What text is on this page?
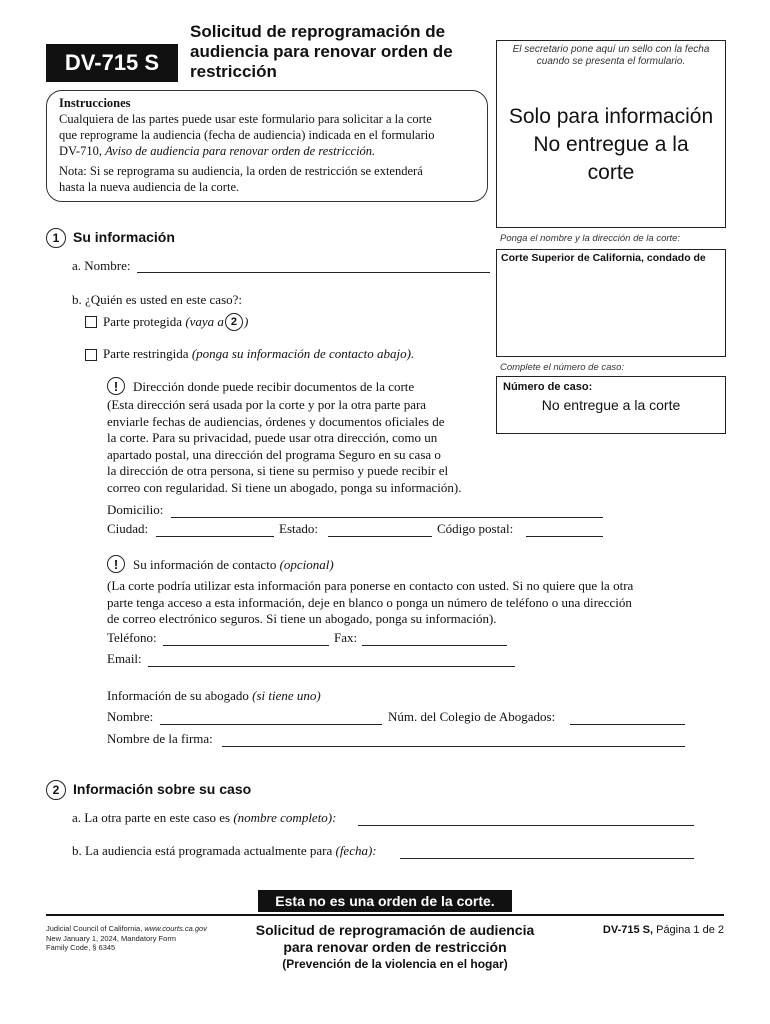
DV-715 S
Solicitud de reprogramación de
audiencia para renovar orden de
restricción
El secretario pone aquí un sello con la fecha
cuando se presenta el formulario.
Solo para información
No entregue a la
corte
Instrucciones

Cualquiera de las partes puede usar este formulario para solicitar a la corte
que reprograme la audiencia (fecha de audiencia) indicada en el formulario
DV-710, Aviso de audiencia para renovar orden de restricción.

Nota: Si se reprograma su audiencia, la orden de restricción se extenderá
hasta la nueva audiencia de la corte.

Ponga el nombre y la dirección de la corte:
Corte Superior de California, condado de
Complete el número de caso:
Número de caso:
No entregue a la corte
1 Su información
a. Nombre:
b. ¿Quién es usted en este caso?:
Parte protegida
(vaya a 2 )
Parte restringida (ponga su información de contacto abajo).
!	Dirección donde puede recibir documentos de la corte
(Esta dirección será usada por la corte y por la otra parte para
enviarle fechas de audiencias, órdenes y documentos oficiales de
la corte. Para su privacidad, puede usar otra dirección, como un
apartado postal, una dirección del programa Seguro en su casa o
la dirección de otra persona, si tiene su permiso y puede recibir el
correo con regularidad. Si tiene un abogado, ponga su información).
Domicilio:
Ciudad:	Estado:	Código postal:
!	Su información de contacto (opcional)
(La corte podría utilizar esta información para ponerse en contacto con usted. Si no quiere que la otra
parte tenga acceso a esta información, deje en blanco o ponga un número de teléfono o una dirección
de correo electrónico seguros. Si tiene un abogado, ponga su información).
Teléfono:	Fax:
Email:
Información de su abogado (si tiene uno)
Nombre:	Núm. del Colegio de Abogados:
Nombre de la firma:
2 Información sobre su caso
a. La otra parte en este caso es (nombre completo):
b. La audiencia está programada actualmente para (fecha):
Esta no es una orden de la corte.
Judicial Council of California, www.courts.ca.gov
New January 1, 2024, Mandatory Form
Family Code, § 6345
Solicitud de reprogramación de audiencia
para renovar orden de restricción
(Prevención de la violencia en el hogar)
DV-715 S, Página 1 de 2
